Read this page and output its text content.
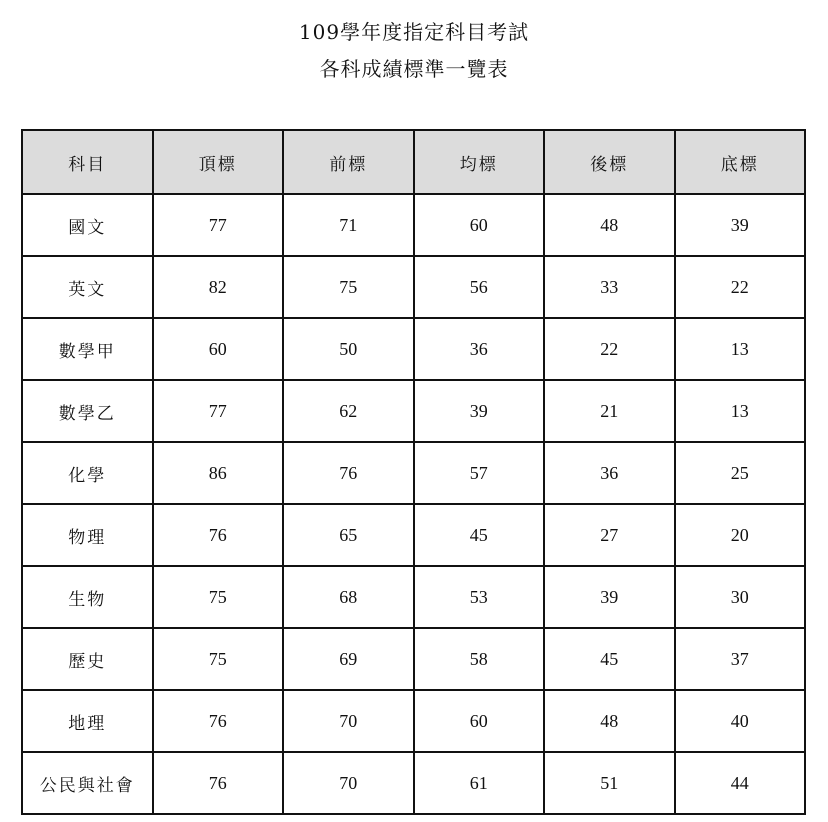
109學年度指定科目考試
各科成績標準一覽表
科目	頂標	前標	均標	後標	底標
國文	77	71	60	48	39
英文	82	75	56	33	22
數學甲	60	50	36	22	13
數學乙	77	62	39	21	13
化學	86	76	57	36	25
物理	76	65	45	27	20
生物	75	68	53	39	30
歷史	75	69	58	45	37
地理	76	70	60	48	40
公民與社會	76	70	61	51	44
